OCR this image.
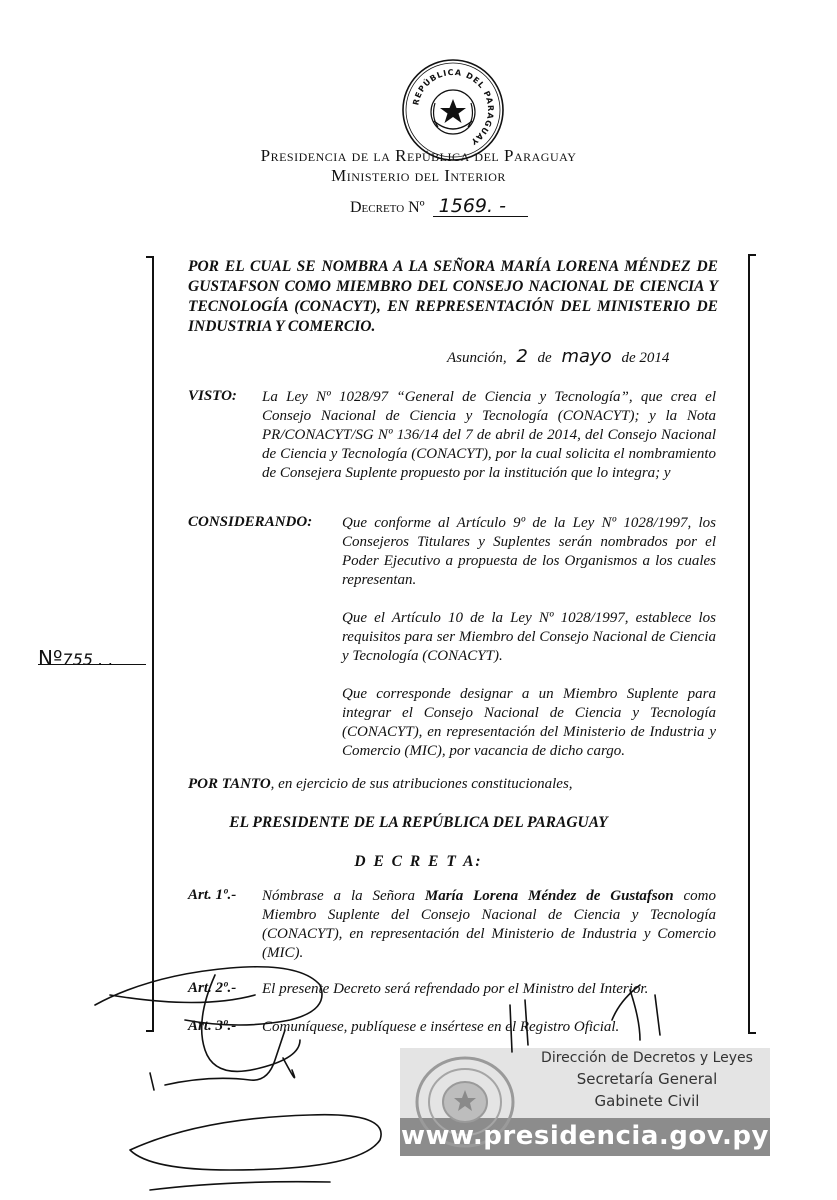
REPÚBLICA DEL PARAGUAY
Presidencia de la República del Paraguay
Ministerio del Interior
Decreto Nº 1569. -
Nº755 . .
POR EL CUAL SE NOMBRA A LA SEÑORA MARÍA LORENA MÉNDEZ DE GUSTAFSON COMO MIEMBRO DEL CONSEJO NACIONAL DE CIENCIA Y TECNOLOGÍA (CONACYT), EN REPRESENTACIÓN DEL MINISTERIO DE INDUSTRIA Y COMERCIO.
Asunción, 2 de mayo de 2014
VISTO: La Ley Nº 1028/97 “General de Ciencia y Tecnología”, que crea el Consejo Nacional de Ciencia y Tecnología (CONACYT); y la Nota PR/CONACYT/SG Nº 136/14 del 7 de abril de 2014, del Consejo Nacional de Ciencia y Tecnología (CONACYT), por la cual solicita el nombramiento de Consejera Suplente propuesto por la institución que lo integra; y
CONSIDERANDO: Que conforme al Artículo 9º de la Ley Nº 1028/1997, los Consejeros Titulares y Suplentes serán nombrados por el Poder Ejecutivo a propuesta de los Organismos a los cuales representan.
Que el Artículo 10 de la Ley Nº 1028/1997, establece los requisitos para ser Miembro del Consejo Nacional de Ciencia y Tecnología (CONACYT).
Que corresponde designar a un Miembro Suplente para integrar el Consejo Nacional de Ciencia y Tecnología (CONACYT), en representación del Ministerio de Industria y Comercio (MIC), por vacancia de dicho cargo.
POR TANTO, en ejercicio de sus atribuciones constitucionales,
EL PRESIDENTE DE LA REPÚBLICA DEL PARAGUAY
D E C R E T A:
Art. 1º.- Nómbrase a la Señora María Lorena Méndez de Gustafson como Miembro Suplente del Consejo Nacional de Ciencia y Tecnología (CONACYT), en representación del Ministerio de Industria y Comercio (MIC).
Art. 2º.- El presente Decreto será refrendado por el Ministro del Interior.
Art. 3º.- Comuníquese, publíquese e insértese en el Registro Oficial.
Dirección de Decretos y Leyes
Secretaría General
Gabinete Civil
www.presidencia.gov.py
